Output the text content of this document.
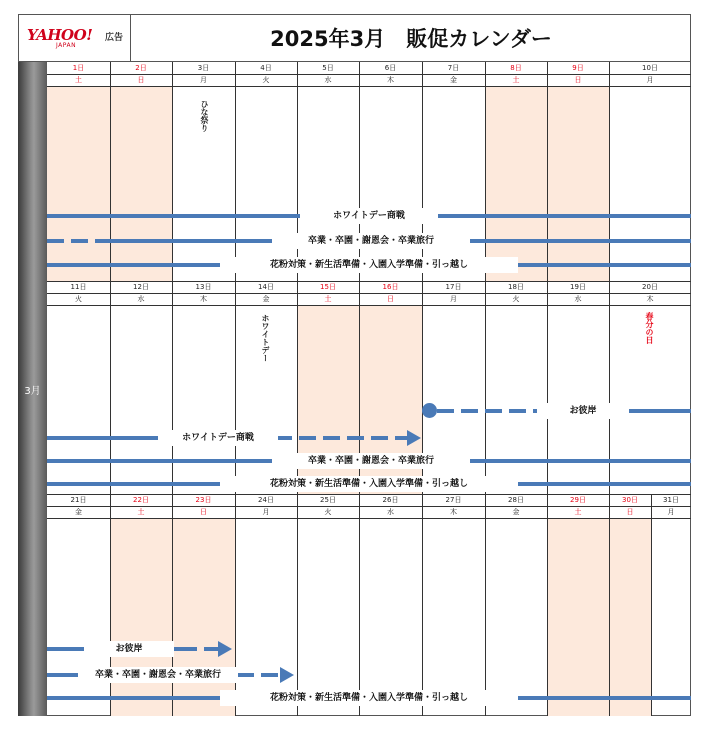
YAHOO!
JAPAN
広告	2025年3月　販促カレンダー
1日
土
2日
日
3日
月
4日
火
5日
水
6日
木
7日
金
8日
土
9日
日
10日
月
11日
火
12日
水
13日
木
14日
金
15日
土
16日
日
17日
月
18日
火
19日
水
20日
木
21日
金
22日
土
23日
日
24日
月
25日
火
26日
水
27日
木
28日
金
29日
土
30日
日
31日
月
3月
ひな祭り
ホワイトデー	春分の日
ホワイトデー商戦
卒業・卒園・謝恩会・卒業旅行
花粉対策・新生活準備・入園入学準備・引っ越し
お彼岸
ホワイトデー商戦
卒業・卒園・謝恩会・卒業旅行
花粉対策・新生活準備・入園入学準備・引っ越し
お彼岸
卒業・卒園・謝恩会・卒業旅行
花粉対策・新生活準備・入園入学準備・引っ越し
